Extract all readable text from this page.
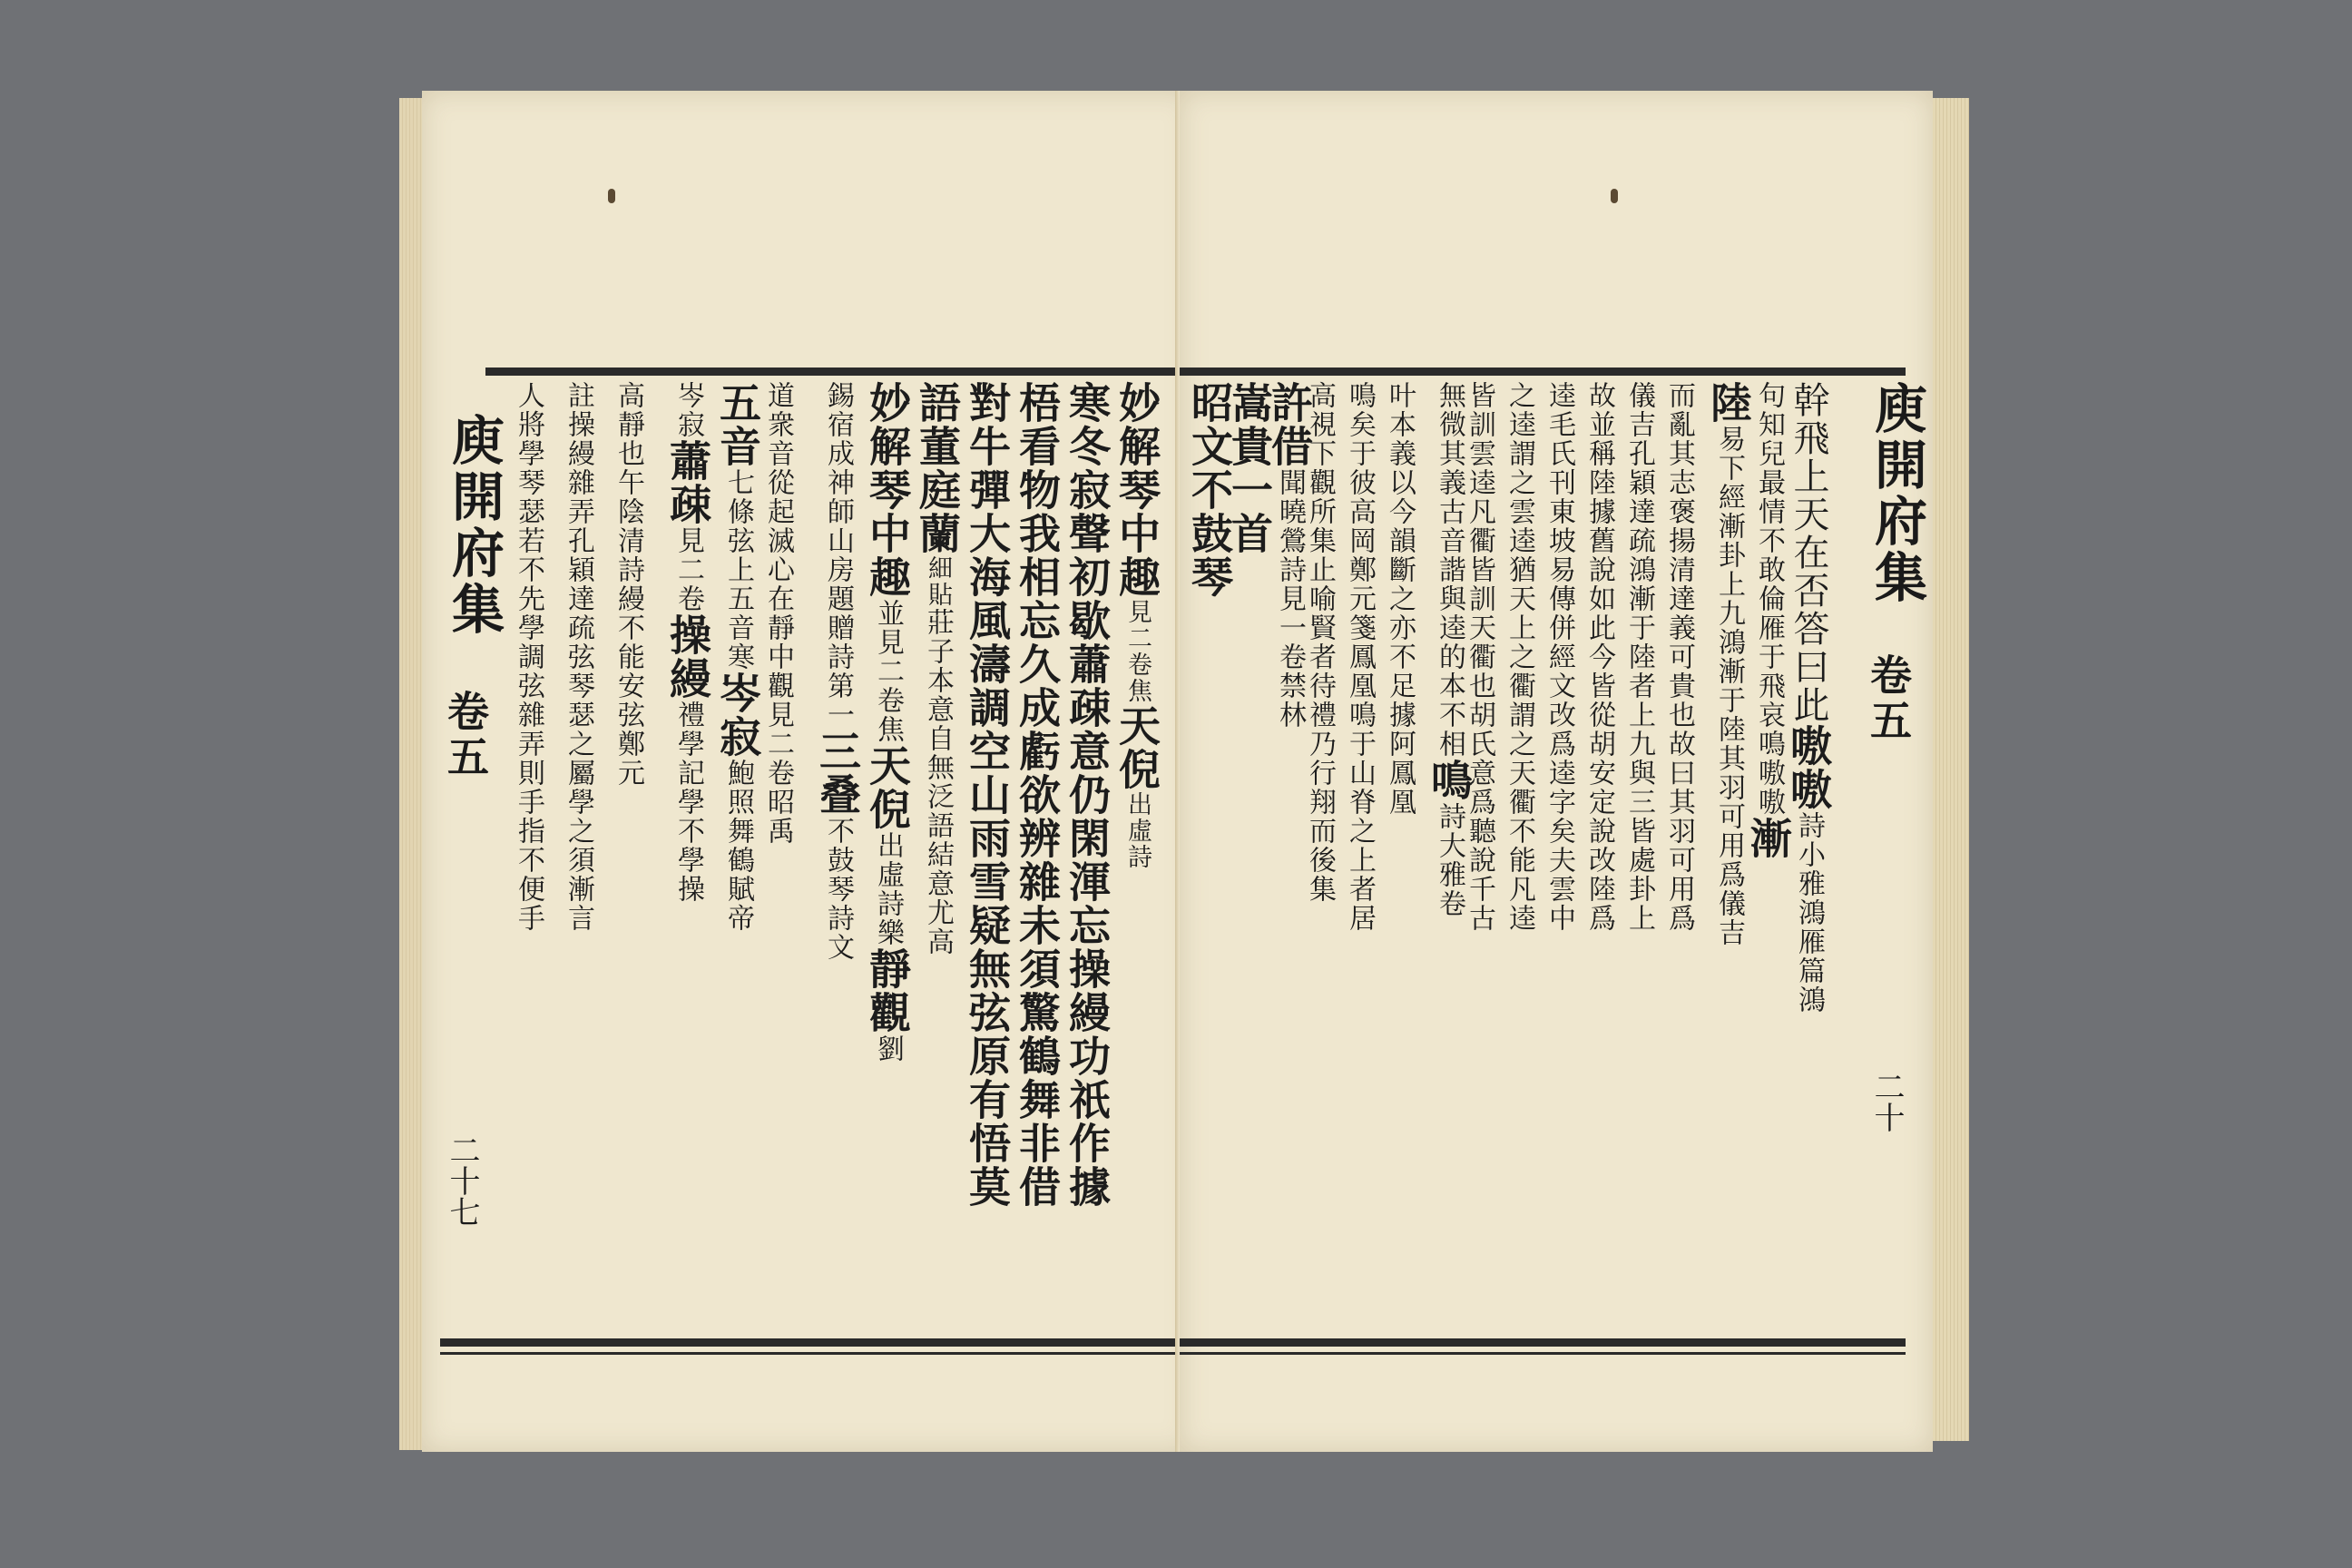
庾開府集
卷五
二十七
妙解琴中趣見二卷焦天倪出虛詩
寒冬寂聲初歇蕭疎意仍閑渾忘操縵功祇作據
梧看物我相忘久成虧欲辨雜未須驚鶴舞非借
對牛彈大海風濤調空山雨雪疑無弦原有悟莫
語董庭蘭細貼莊子本意自無泛語結意尤高
妙解琴中趣並見二卷焦天倪出虛詩樂靜觀劉
錫宿成神師山房題贈詩第一三叠不鼓琴詩文
道衆音從起滅心在靜中觀見二卷昭禹
五音七條弦上五音寒岑寂鮑照舞鶴賦帝
岑寂蕭疎見二卷操縵禮學記學不學操
高靜也午陰清詩縵不能安弦鄭元
註操縵雜弄孔穎達疏弦琴瑟之屬學之須漸言
人將學琴瑟若不先學調弦雜弄則手指不便手	庾開府集
卷五
二十
幹飛上天在否答曰此嗷嗷詩小雅鴻雁篇鴻
句知兒最情不敢倫雁于飛哀鳴嗷嗷漸
陸易下經漸卦上九鴻漸于陸其羽可用爲儀吉
而亂其志褒揚清達義可貴也故曰其羽可用爲
儀吉孔穎達疏鴻漸于陸者上九與三皆處卦上
故並稱陸據舊說如此今皆從胡安定說改陸爲
逵毛氏刊東坡易傳併經文改爲逵字矣夫雲中
之逵謂之雲逵猶天上之衢謂之天衢不能凡逵
皆訓雲逵凡衢皆訓天衢也胡氏意爲聽說千古
無微其義古音諧與逵的本不相鳴詩大雅卷
叶本義以今韻斷之亦不足據阿鳳凰
鳴矣于彼高岡鄭元箋鳳凰鳴于山脊之上者居
高視下觀所集止喻賢者待禮乃行翔而後集
許借聞曉鶯詩見一卷禁林
嵩貴一首
昭文不鼓琴
